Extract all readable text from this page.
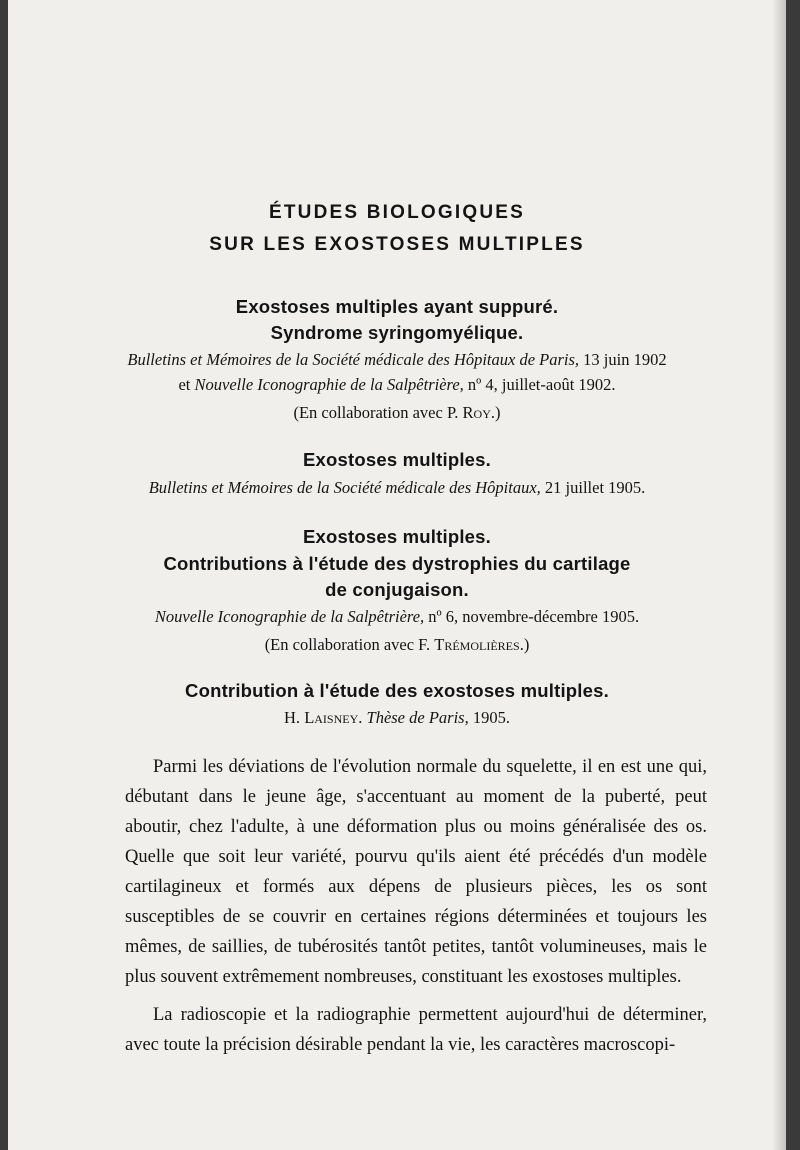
ÉTUDES BIOLOGIQUES
SUR LES EXOSTOSES MULTIPLES
Exostoses multiples ayant suppuré.
Syndrome syringomyélique.
Bulletins et Mémoires de la Société médicale des Hôpitaux de Paris, 13 juin 1902
et Nouvelle Iconographie de la Salpêtrière, nº 4, juillet-août 1902.
(En collaboration avec P. Roy.)
Exostoses multiples.
Bulletins et Mémoires de la Société médicale des Hôpitaux, 21 juillet 1905.
Exostoses multiples.
Contributions à l'étude des dystrophies du cartilage
de conjugaison.
Nouvelle Iconographie de la Salpêtrière, nº 6, novembre-décembre 1905.
(En collaboration avec F. Trémolières.)
Contribution à l'étude des exostoses multiples.
H. Laisney. Thèse de Paris, 1905.

Parmi les déviations de l'évolution normale du squelette, il en est une qui, débutant dans le jeune âge, s'accentuant au moment de la puberté, peut aboutir, chez l'adulte, à une déformation plus ou moins généralisée des os. Quelle que soit leur variété, pourvu qu'ils aient été précédés d'un modèle cartilagineux et formés aux dépens de plusieurs pièces, les os sont susceptibles de se couvrir en certaines régions déterminées et toujours les mêmes, de saillies, de tubérosités tantôt petites, tantôt volumineuses, mais le plus souvent extrêmement nombreuses, constituant les exostoses multiples.

La radioscopie et la radiographie permettent aujourd'hui de déterminer, avec toute la précision désirable pendant la vie, les caractères macroscopi-
